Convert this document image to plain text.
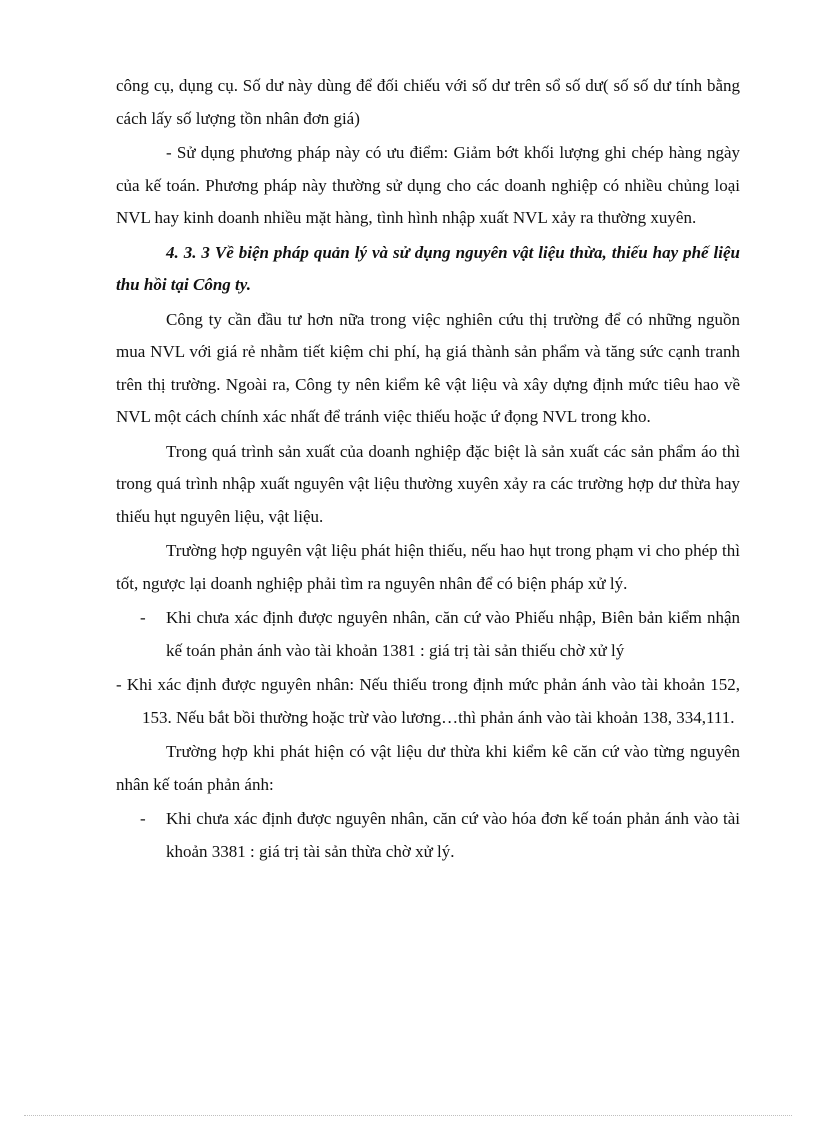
công cụ, dụng cụ. Số dư này dùng để đối chiếu với số dư trên sổ số dư( số số dư tính bằng cách lấy số lượng tồn nhân đơn giá)

- Sử dụng phương pháp này có ưu điểm: Giảm bớt khối lượng ghi chép hàng ngày của kế toán. Phương pháp này thường sử dụng cho các doanh nghiệp có nhiều chủng loại NVL hay kinh doanh nhiều mặt hàng, tình hình nhập xuất NVL xảy ra thường xuyên.

4. 3. 3 Về biện pháp quản lý và sử dụng nguyên vật liệu thừa, thiếu hay phế liệu thu hồi tại Công ty.

Công ty cần đầu tư hơn nữa trong việc nghiên cứu thị trường để có những nguồn mua NVL với giá rẻ nhằm tiết kiệm chi phí, hạ giá thành sản phẩm và tăng sức cạnh tranh trên thị trường. Ngoài ra, Công ty nên kiểm kê vật liệu và xây dựng định mức tiêu hao về NVL một cách chính xác nhất để tránh việc thiếu hoặc ứ đọng NVL trong kho.

Trong quá trình sản xuất của doanh nghiệp đặc biệt là sản xuất các sản phẩm áo thì trong quá trình nhập xuất nguyên vật liệu thường xuyên xảy ra các trường hợp dư thừa hay thiếu hụt nguyên liệu, vật liệu.

Trường hợp nguyên vật liệu phát hiện thiếu, nếu hao hụt trong phạm vi cho phép thì tốt, ngược lại doanh nghiệp phải tìm ra nguyên nhân để có biện pháp xử lý.

-	Khi chưa xác định được nguyên nhân, căn cứ vào Phiếu nhập, Biên bản kiểm nhận kế toán phản ánh vào tài khoản 1381 : giá trị tài sản thiếu chờ xử lý

- Khi xác định được nguyên nhân: Nếu thiếu trong định mức phản ánh vào tài khoản 152, 153. Nếu bắt bồi thường hoặc trừ vào lương…thì phản ánh vào tài khoản 138, 334,111.

Trường hợp khi phát hiện có vật liệu dư thừa khi kiểm kê căn cứ vào từng nguyên nhân kế toán phản ánh:

-	Khi chưa xác định được nguyên nhân, căn cứ vào hóa đơn kế toán phản ánh vào tài khoản 3381 : giá trị tài sản thừa chờ xử lý.
